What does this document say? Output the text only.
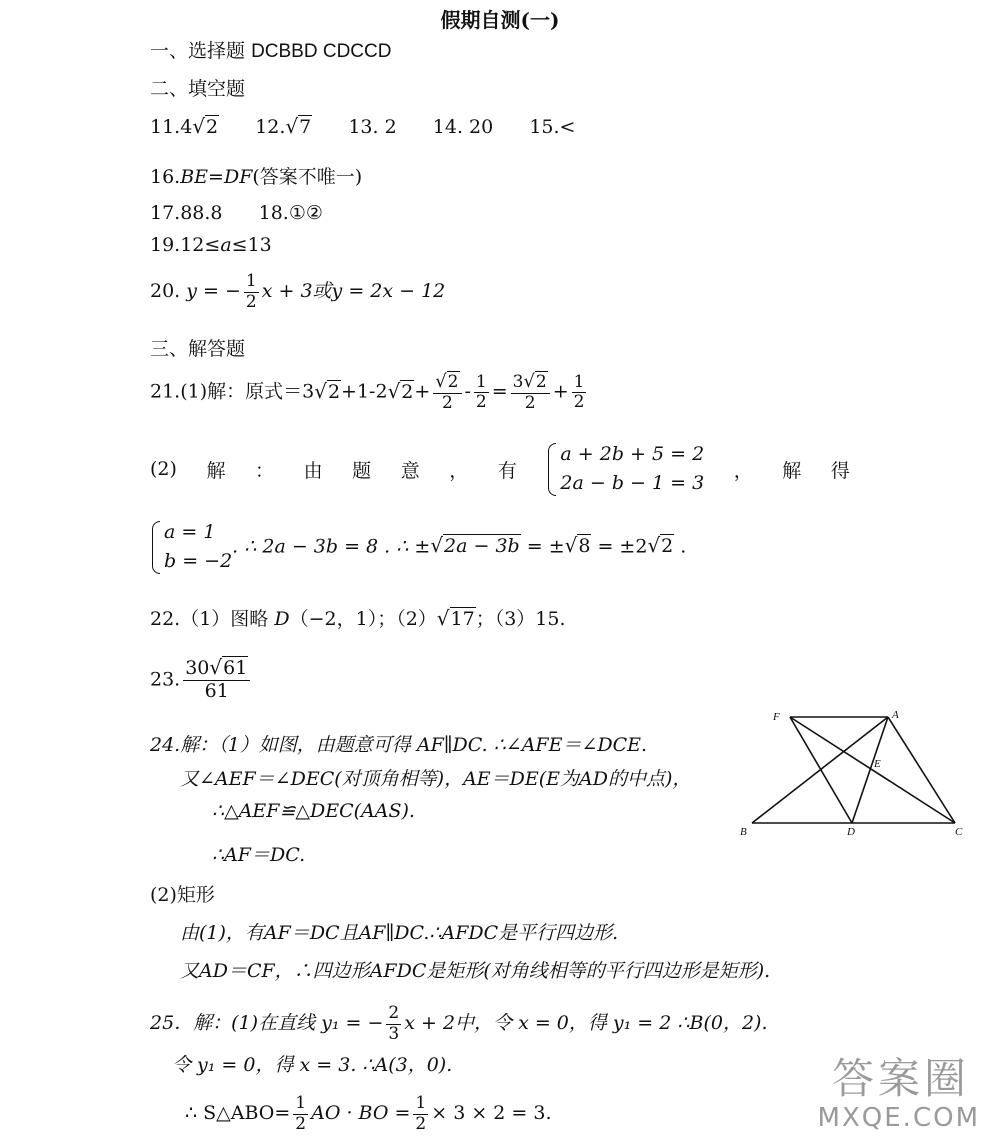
假期自测(一)
一、选择题 DCBBD CDCCD
二、填空题
11.4√2 12.√7 13. 2 14. 20 15.<
16.BE=DF(答案不唯一)
17.88.8 18.①②
19.12≤a≤13
20. y = − $\frac{1}{2}$ x + 3或y = 2x − 12
三、解答题
21.(1)解：原式$=3√2+1-2√2+ \frac{√2}{2} - \frac{1}{2} = \frac{3√2}{2} + \frac{1}{2}$
(2) 解 ： 由 题 意 ， 有
a + 2b + 5 = 2
2a − b − 1 = 3
， 解 得
a = 1
b = −2
. ∴ 2a − 3b = 8 . ∴ ±√2a − 3b = ±√8 = ±2√2 .
22.（1）图略 D（−2，1）；（2）√17；（3）15.
23. $\frac{30√61}{61}$
24.解：（1）如图，由题意可得 AF∥DC. ∴∠AFE＝∠DCE.
又∠AEF＝∠DEC(对顶角相等)，AE＝DE(E为AD的中点)，
∴△AEF≌△DEC(AAS).
∴AF＝DC.
(2)矩形
由(1)，有AF＝DC且AF∥DC.∴AFDC是平行四边形.
又AD＝CF，∴四边形AFDC是矩形(对角线相等的平行四边形是矩形).
25．解：(1)在直线 y₁ = − $\frac{2}{3}$ x + 2中，令 x = 0，得 y₁ = 2 ∴B(0，2).
令 y₁ = 0，得 x = 3. ∴A(3，0).
∴ S△ABO= $\frac{1}{2}$ AO · BO = $\frac{1}{2} \times 3 \times 2 = 3$.
F	A
E
B	D	C
答案圈
MXQE.COM
